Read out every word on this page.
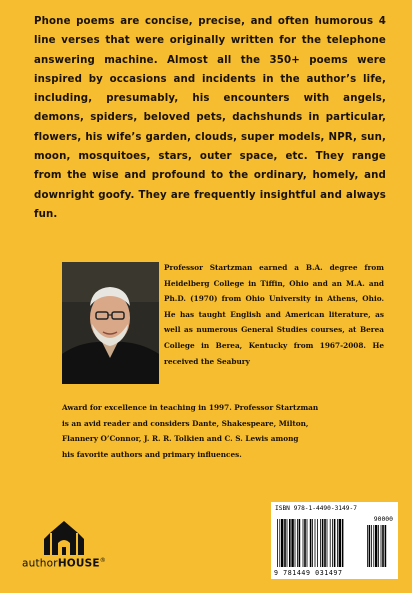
Phone poems are concise, precise, and often humorous 4 line verses that were originally written for the telephone answering machine. Almost all the 350+ poems were inspired by occasions and incidents in the author’s life, including, presumably, his encounters with angels, demons, spiders, beloved pets, dachshunds in particular, flowers, his wife’s garden, clouds, super models, NPR, sun, moon, mosquitoes, stars, outer space, etc. They range from the wise and profound to the ordinary, homely, and downright goofy. They are frequently insightful and always fun.
Professor Startzman earned a B.A. degree from Heidelberg College in Tiffin, Ohio and an M.A. and Ph.D. (1970) from Ohio University in Athens, Ohio. He has taught English and American literature, as well as numerous General Studies courses, at Berea College in Berea, Kentucky from 1967-2008. He received the Seabury
Award for excellence in teaching in 1997. Professor Startzman
is an avid reader and considers Dante, Shakespeare, Milton,
Flannery O’Connor, J. R. R. Tolkien and C. S. Lewis among
his favorite authors and primary influences.
authorHOUSE®
ISBN 978-1-4490-3149-7
90000
9 781449 031497
